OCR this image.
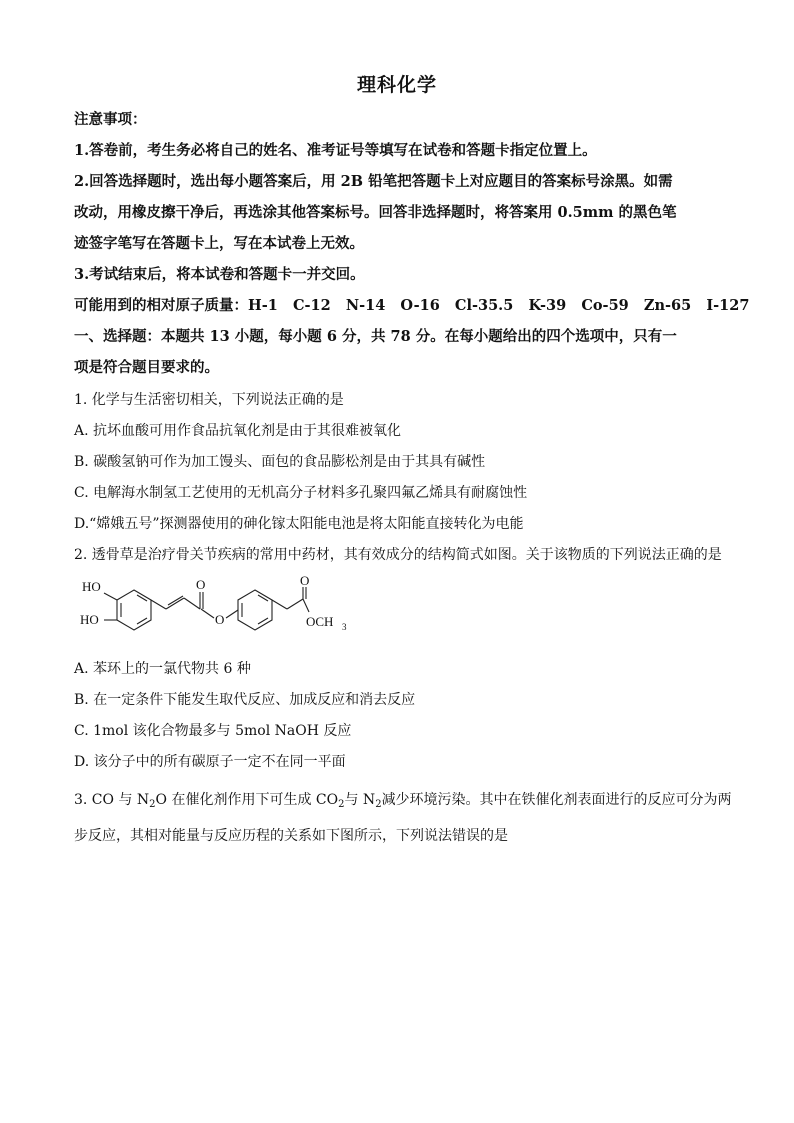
理科化学
注意事项：
1.答卷前，考生务必将自己的姓名、准考证号等填写在试卷和答题卡指定位置上。
2.回答选择题时，选出每小题答案后，用 2B 铅笔把答题卡上对应题目的答案标号涂黑。如需
改动，用橡皮擦干净后，再选涂其他答案标号。回答非选择题时，将答案用 0.5mm 的黑色笔
迹签字笔写在答题卡上，写在本试卷上无效。
3.考试结束后，将本试卷和答题卡一并交回。
可能用到的相对原子质量：H-1   C-12   N-14   O-16   Cl-35.5   K-39   Co-59   Zn-65   I-127
一、选择题：本题共 13 小题，每小题 6 分，共 78 分。在每小题给出的四个选项中，只有一
项是符合题目要求的。
1. 化学与生活密切相关，下列说法正确的是
A. 抗坏血酸可用作食品抗氧化剂是由于其很难被氧化
B. 碳酸氢钠可作为加工馒头、面包的食品膨松剂是由于其具有碱性
C. 电解海水制氢工艺使用的无机高分子材料多孔聚四氟乙烯具有耐腐蚀性
D.“嫦娥五号”探测器使用的砷化镓太阳能电池是将太阳能直接转化为电能
2. 透骨草是治疗骨关节疾病的常用中药材，其有效成分的结构简式如图。关于该物质的下列说法正确的是
HO
HO
O
O
O
OCH 3
A. 苯环上的一氯代物共 6 种
B. 在一定条件下能发生取代反应、加成反应和消去反应
C. 1mol 该化合物最多与 5mol NaOH 反应
D. 该分子中的所有碳原子一定不在同一平面
3. CO 与 $N_2O$ 在催化剂作用下可生成 $CO_2$与 $N_2$减少环境污染。其中在铁催化剂表面进行的反应可分为两
步反应，其相对能量与反应历程的关系如下图所示，下列说法错误的是
